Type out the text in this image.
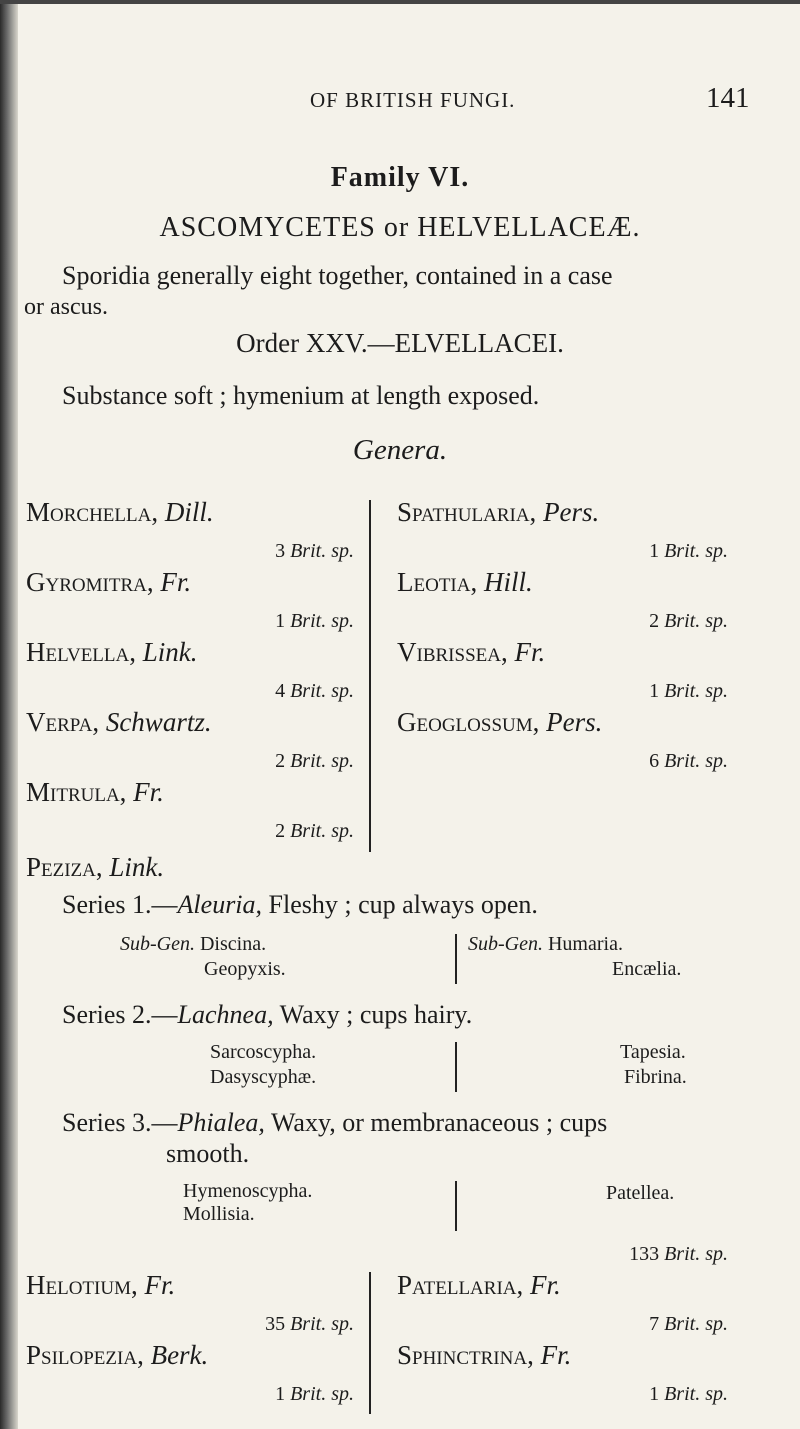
OF BRITISH FUNGI.	141
Family VI.
ASCOMYCETES or HELVELLACEÆ.
Sporidia generally eight together, contained in a case
or ascus.
Order XXV.—ELVELLACEI.
Substance soft ; hymenium at length exposed.
Genera.
Morchella, Dill.
3 Brit. sp.
Gyromitra, Fr.
1 Brit. sp.
Helvella, Link.
4 Brit. sp.
Verpa, Schwartz.
2 Brit. sp.
Mitrula, Fr.
2 Brit. sp.
Spathularia, Pers.
1 Brit. sp.
Leotia, Hill.
2 Brit. sp.
Vibrissea, Fr.
1 Brit. sp.
Geoglossum, Pers.
6 Brit. sp.
Peziza, Link.
Series 1.—Aleuria, Fleshy ; cup always open.
Sub-Gen. Discina.
Geopyxis.
Sub-Gen. Humaria.
Encælia.
Series 2.—Lachnea, Waxy ; cups hairy.
Sarcoscypha.
Dasyscyphæ.
Tapesia.
Fibrina.
Series 3.—Phialea, Waxy, or membranaceous ; cups
smooth.
Hymenoscypha.
Mollisia.
Patellea.
133 Brit. sp.
Helotium, Fr.
35 Brit. sp.
Psilopezia, Berk.
1 Brit. sp.
Patellaria, Fr.
7 Brit. sp.
Sphinctrina, Fr.
1 Brit. sp.
